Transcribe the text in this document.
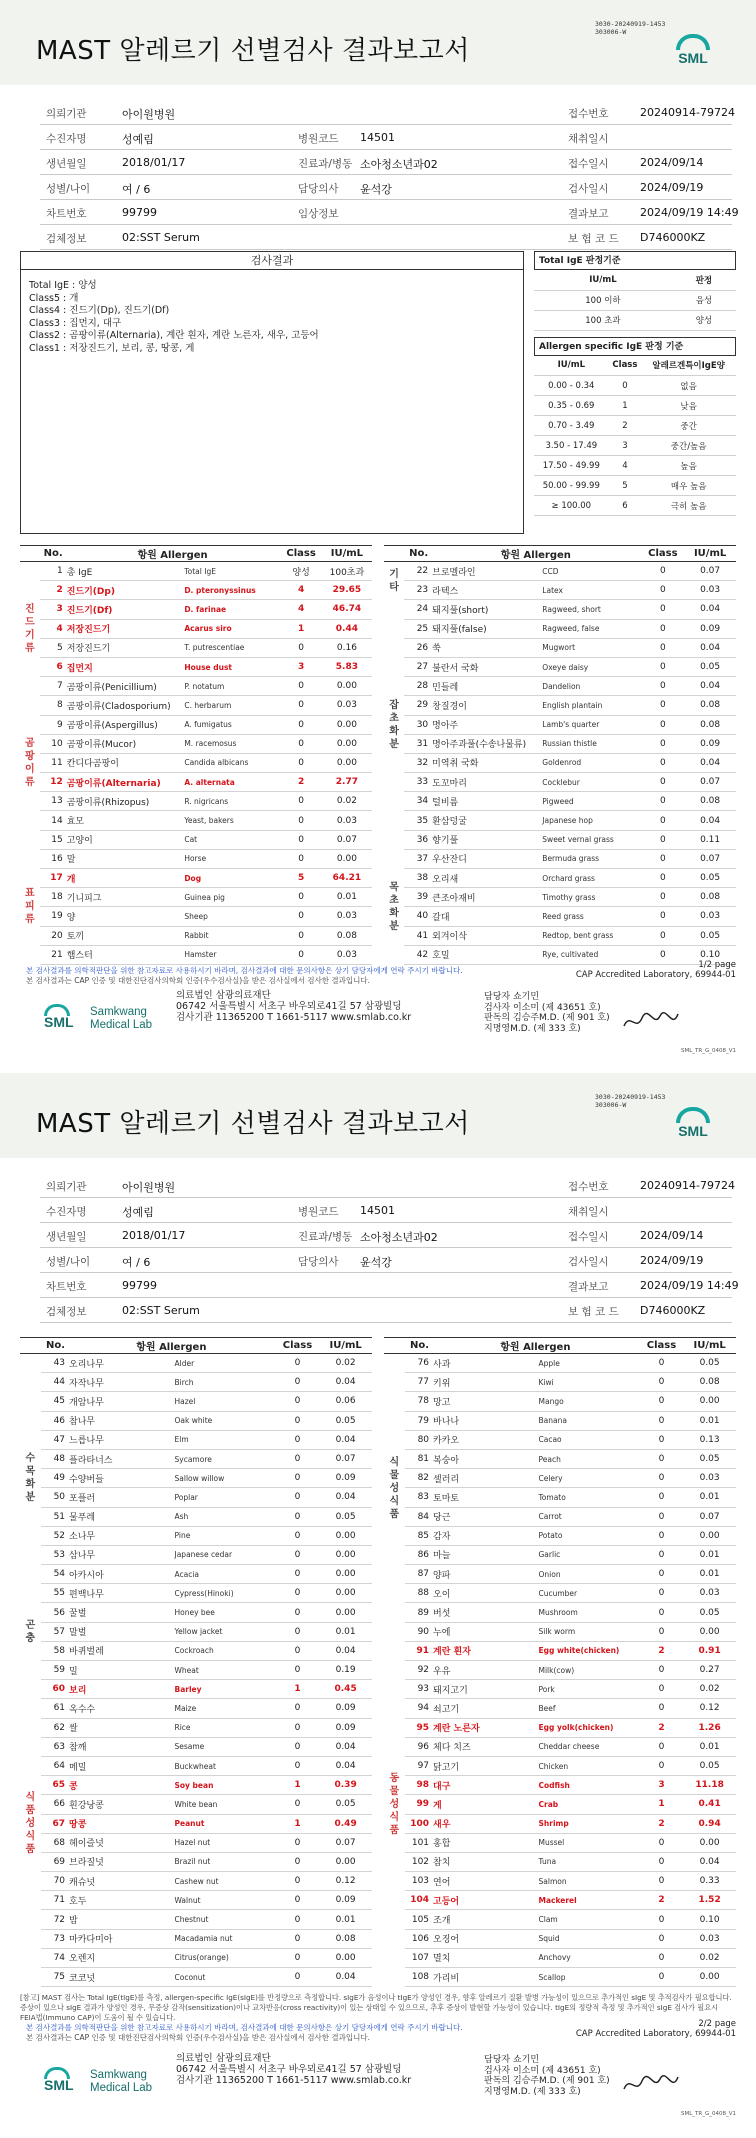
MAST 알레르기 선별검사 결과보고서
3030-20240919-1453
303006-W
SML
의뢰기관	아이원병원	접수번호	20240914-79724
수진자명	성예림	병원코드 14501	채취일시
생년월일	2018/01/17	진료과/병동 소아청소년과02	접수일시	2024/09/14
성별/나이	여 / 6	담당의사 윤석강	검사일시	2024/09/19
차트번호	99799	임상정보	결과보고	2024/09/19 14:49
검체정보	02:SST Serum	보 험 코 드 D746000KZ
검사결과
Total IgE : 양성
Class5 : 개
Class4 : 진드기(Dp), 진드기(Df)
Class3 : 집먼지, 대구
Class2 : 곰팡이류(Alternaria), 계란 흰자, 계란 노른자, 새우, 고등어
Class1 : 저장진드기, 보리, 콩, 땅콩, 게
Total IgE 판정기준
IU/mL	판정
100 이하	음성
100 초과	양성
Allergen specific IgE 판정 기준
IU/mL	Class	알레르겐특이IgE양
0.00 - 0.34	0	없음
0.35 - 0.69	1	낮음
0.70 - 3.49	2	중간
3.50 - 17.49	3	중간/높음
17.50 - 49.99	4	높음
50.00 - 99.99	5	매우 높음
≥ 100.00	6	극히 높음
	No.	항원 Allergen		Class	IU/mL
	1	총 IgE	Total IgE	양성	100초과
진 드 기 류	2	진드기(Dp)	D. pteronyssinus	4	29.65
	3	진드기(Df)	D. farinae	4	46.74
	4	저장진드기	Acarus siro	1	0.44
	5	저장진드기	T. putrescentiae	0	0.16
	6	집먼지	House dust	3	5.83
곰 팡 이 류	7	곰팡이류(Penicillium)	P. notatum	0	0.00
	8	곰팡이류(Cladosporium)	C. herbarum	0	0.03
	9	곰팡이류(Aspergillus)	A. fumigatus	0	0.00
	10	곰팡이류(Mucor)	M. racemosus	0	0.00
	11	칸디다곰팡이	Candida albicans	0	0.00
	12	곰팡이류(Alternaria)	A. alternata	2	2.77
	13	곰팡이류(Rhizopus)	R. nigricans	0	0.02
	14	효모	Yeast, bakers	0	0.03
	15	고양이	Cat	0	0.07
표 피 류	16	말	Horse	0	0.00
	17	개	Dog	5	64.21
	18	기니피그	Guinea pig	0	0.01
	19	양	Sheep	0	0.03
	20	토끼	Rabbit	0	0.08
	21	햄스터	Hamster	0	0.03
	No.	항원 Allergen		Class	IU/mL
기 타	22	브로멜라인	CCD	0	0.07
	23	라텍스	Latex	0	0.03
잡 초 화 분	24	돼지풀(short)	Ragweed, short	0	0.04
	25	돼지풀(false)	Ragweed, false	0	0.09
	26	쑥	Mugwort	0	0.04
	27	불란서 국화	Oxeye daisy	0	0.05
	28	민들레	Dandelion	0	0.04
	29	창질경이	English plantain	0	0.08
	30	명아주	Lamb's quarter	0	0.08
	31	명아주과풀(수송나물류)	Russian thistle	0	0.09
	32	미역취 국화	Goldenrod	0	0.04
	33	도꼬마리	Cocklebur	0	0.07
	34	털비름	Pigweed	0	0.08
	35	환삼덩굴	Japanese hop	0	0.04
	36	향기풀	Sweet vernal grass	0	0.11
목 초 화 분	37	우산잔디	Bermuda grass	0	0.07
	38	오리새	Orchard grass	0	0.05
	39	큰조아재비	Timothy grass	0	0.08
	40	갈대	Reed grass	0	0.03
	41	외겨이삭	Redtop, bent grass	0	0.05
	42	호밀	Rye, cultivated	0	0.10
본 검사결과를 의학적판단을 위한 참고자료로 사용하시기 바라며, 검사결과에 대한 문의사항은 상기 담당자에게 연락 주시기 바랍니다.
본 검사결과는 CAP 인증 및 대한진단검사의학회 인증(우수검사실)을 받은 검사실에서 검사한 결과입니다.
1/2 page
CAP Accredited Laboratory, 69944-01
SML
Samkwang
Medical Lab
의료법인 삼광의료재단
06742 서울특별시 서초구 바우뫼로41길 57 삼광빌딩
검사기관 11365200 T 1661-5117 www.smlab.co.kr
담당자 쇼기민
검사자 이소미 (제 43651 호)
판독의 김승주M.D. (제 901 호)
지명영M.D. (제 333 호)
SML_TR_G_0408_V1
MAST 알레르기 선별검사 결과보고서
3030-20240919-1453
303006-W
SML
의뢰기관	아이원병원	접수번호	20240914-79724
수진자명	성예림	병원코드 14501	채취일시
생년월일	2018/01/17	진료과/병동 소아청소년과02	접수일시	2024/09/14
성별/나이	여 / 6	담당의사 윤석강	검사일시	2024/09/19
차트번호	99799	결과보고	2024/09/19 14:49
검체정보	02:SST Serum	보 험 코 드 D746000KZ
	No.	항원 Allergen		Class	IU/mL
수 목 화 분	43	오리나무	Alder	0	0.02
	44	자작나무	Birch	0	0.04
	45	개암나무	Hazel	0	0.06
	46	참나무	Oak white	0	0.05
	47	느릅나무	Elm	0	0.04
	48	플라타너스	Sycamore	0	0.07
	49	수양버들	Sallow willow	0	0.09
	50	포플러	Poplar	0	0.04
	51	물푸레	Ash	0	0.05
	52	소나무	Pine	0	0.00
	53	삼나무	Japanese cedar	0	0.00
	54	아카시아	Acacia	0	0.00
	55	편백나무	Cypress(Hinoki)	0	0.00
곤 충	56	꿀벌	Honey bee	0	0.00
	57	말벌	Yellow jacket	0	0.01
	58	바퀴벌레	Cockroach	0	0.04
식 품 성 식 품	59	밀	Wheat	0	0.19
	60	보리	Barley	1	0.45
	61	옥수수	Maize	0	0.09
	62	쌀	Rice	0	0.09
	63	참깨	Sesame	0	0.04
	64	메밀	Buckwheat	0	0.04
	65	콩	Soy bean	1	0.39
	66	흰강낭콩	White bean	0	0.05
	67	땅콩	Peanut	1	0.49
	68	헤이즐넛	Hazel nut	0	0.07
	69	브라질넛	Brazil nut	0	0.00
	70	캐슈넛	Cashew nut	0	0.12
	71	호두	Walnut	0	0.09
	72	밤	Chestnut	0	0.01
	73	마카다미아	Macadamia nut	0	0.08
	74	오렌지	Citrus(orange)	0	0.00
	75	코코넛	Coconut	0	0.04
	No.	항원 Allergen		Class	IU/mL
식 물 성 식 품	76	사과	Apple	0	0.05
	77	키위	Kiwi	0	0.08
	78	망고	Mango	0	0.00
	79	바나나	Banana	0	0.01
	80	카카오	Cacao	0	0.13
	81	복숭아	Peach	0	0.05
	82	셀러리	Celery	0	0.03
	83	토마토	Tomato	0	0.01
	84	당근	Carrot	0	0.07
	85	감자	Potato	0	0.00
	86	마늘	Garlic	0	0.01
	87	양파	Onion	0	0.01
	88	오이	Cucumber	0	0.03
	89	버섯	Mushroom	0	0.05
동 물 성 식 품	90	누에	Silk worm	0	0.00
	91	계란 흰자	Egg white(chicken)	2	0.91
	92	우유	Milk(cow)	0	0.27
	93	돼지고기	Pork	0	0.02
	94	쇠고기	Beef	0	0.12
	95	계란 노른자	Egg yolk(chicken)	2	1.26
	96	체다 치즈	Cheddar cheese	0	0.01
	97	닭고기	Chicken	0	0.05
	98	대구	Codfish	3	11.18
	99	게	Crab	1	0.41
	100	새우	Shrimp	2	0.94
	101	홍합	Mussel	0	0.00
	102	참치	Tuna	0	0.04
	103	연어	Salmon	0	0.33
	104	고등어	Mackerel	2	1.52
	105	조개	Clam	0	0.10
	106	오징어	Squid	0	0.03
	107	멸치	Anchovy	0	0.02
	108	가리비	Scallop	0	0.00
[참고] MAST 검사는 Total IgE(tIgE)를 측정, allergen-specific IgE(sIgE)를 반정량으로 측정합니다. sIgE가 음성이나 tIgE가 양성인 경우, 향후 알레르기 질환 발병 가능성이 있으므로 추가적인 sIgE 및 추적검사가 필요합니다. 증상이 있으나 sIgE 결과가 양성인 경우, 무증상 감작(sensitization)이나 교차반응(cross reactivity)이 있는 상태일 수 있으므로, 추후 증상이 발현할 가능성이 있습니다. tIgE의 정량적 측정 및 추가적인 sIgE 검사가 필요시 FEIA법(Immuno CAP)이 도움이 될 수 있습니다.
본 검사결과를 의학적판단을 위한 참고자료로 사용하시기 바라며, 검사결과에 대한 문의사항은 상기 담당자에게 연락 주시기 바랍니다.
본 검사결과는 CAP 인증 및 대한진단검사의학회 인증(우수검사실)을 받은 검사실에서 검사한 결과입니다.
2/2 page
CAP Accredited Laboratory, 69944-01
SML
Samkwang
Medical Lab
의료법인 삼광의료재단
06742 서울특별시 서초구 바우뫼로41길 57 삼광빌딩
검사기관 11365200 T 1661-5117 www.smlab.co.kr
담당자 쇼기민
검사자 이소미 (제 43651 호)
판독의 김승주M.D. (제 901 호)
지명영M.D. (제 333 호)
SML_TR_G_0408_V1
